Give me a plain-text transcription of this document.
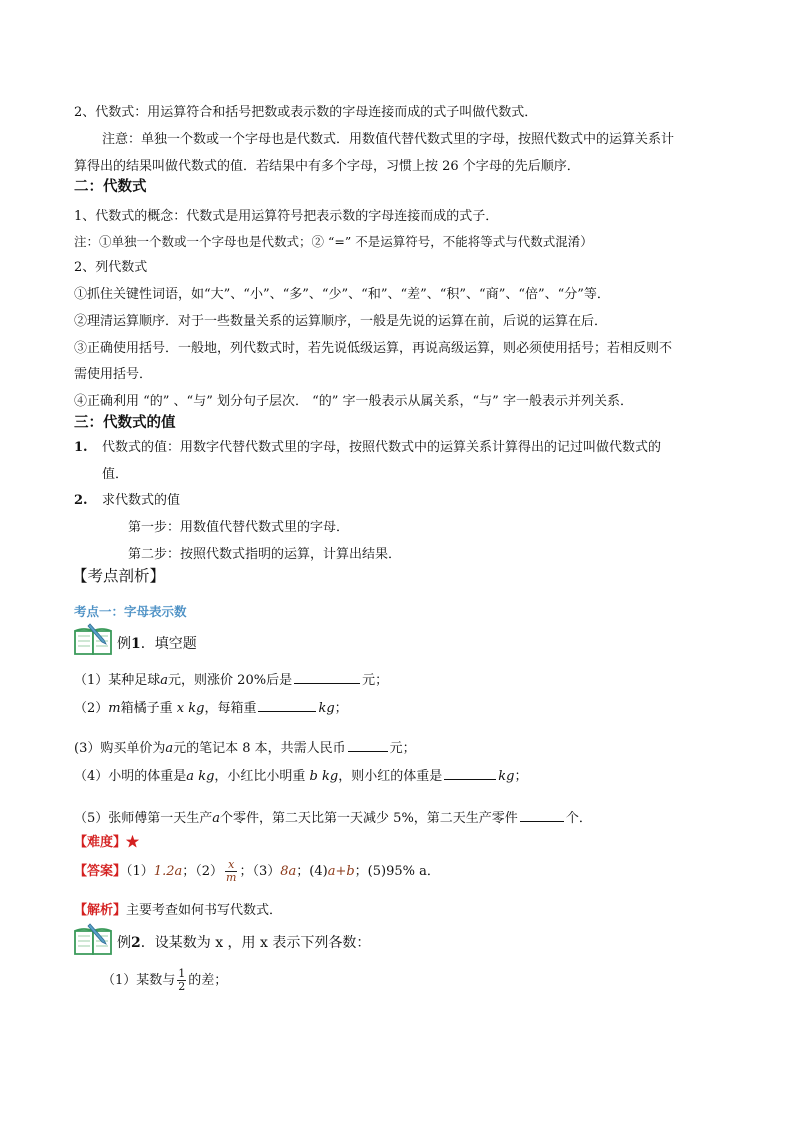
2、代数式：用运算符合和括号把数或表示数的字母连接而成的式子叫做代数式．
注意：单独一个数或一个字母也是代数式．用数值代替代数式里的字母，按照代数式中的运算关系计
算得出的结果叫做代数式的值．若结果中有多个字母，习惯上按 26 个字母的先后顺序．
二：代数式
1、代数式的概念：代数式是用运算符号把表示数的字母连接而成的式子．
注：①单独一个数或一个字母也是代数式；② “=” 不是运算符号，不能将等式与代数式混淆）
2、列代数式
①抓住关键性词语，如“大”、“小”、“多”、“少”、“和”、“差”、“积”、“商”、“倍”、“分”等．
②理清运算顺序．对于一些数量关系的运算顺序，一般是先说的运算在前，后说的运算在后．
③正确使用括号．一般地，列代数式时，若先说低级运算，再说高级运算，则必须使用括号；若相反则不
需使用括号．
④正确利用 “的” 、“与” 划分句子层次． “的” 字一般表示从属关系，“与” 字一般表示并列关系．
三：代数式的值
1. 代数式的值：用数字代替代数式里的字母，按照代数式中的运算关系计算得出的记过叫做代数式的
值．
2. 求代数式的值
第一步：用数值代替代数式里的字母．
第二步：按照代数式指明的运算，计算出结果．
【考点剖析】
考点一：字母表示数
例1．填空题
（1）某种足球a元，则涨价 20%后是	元；
（2）m箱橘子重 x kg，每箱重	kg；
(3）购买单价为a元的笔记本 8 本，共需人民币	元；
（4）小明的体重是a kg，小红比小明重 b kg，则小红的体重是	kg；
（5）张师傅第一天生产a个零件，第二天比第一天减少 5%，第二天生产零件	个．
【难度】★
【答案】（1）1.2a；$(2) \frac{x}{m}$ ；（3）8a；(4)a+b；(5)95% a．
【解析】主要考查如何书写代数式．
例2．设某数为 x ，用 x 表示下列各数：
（1）某数与 $\frac{1}{2}$ 的差；
